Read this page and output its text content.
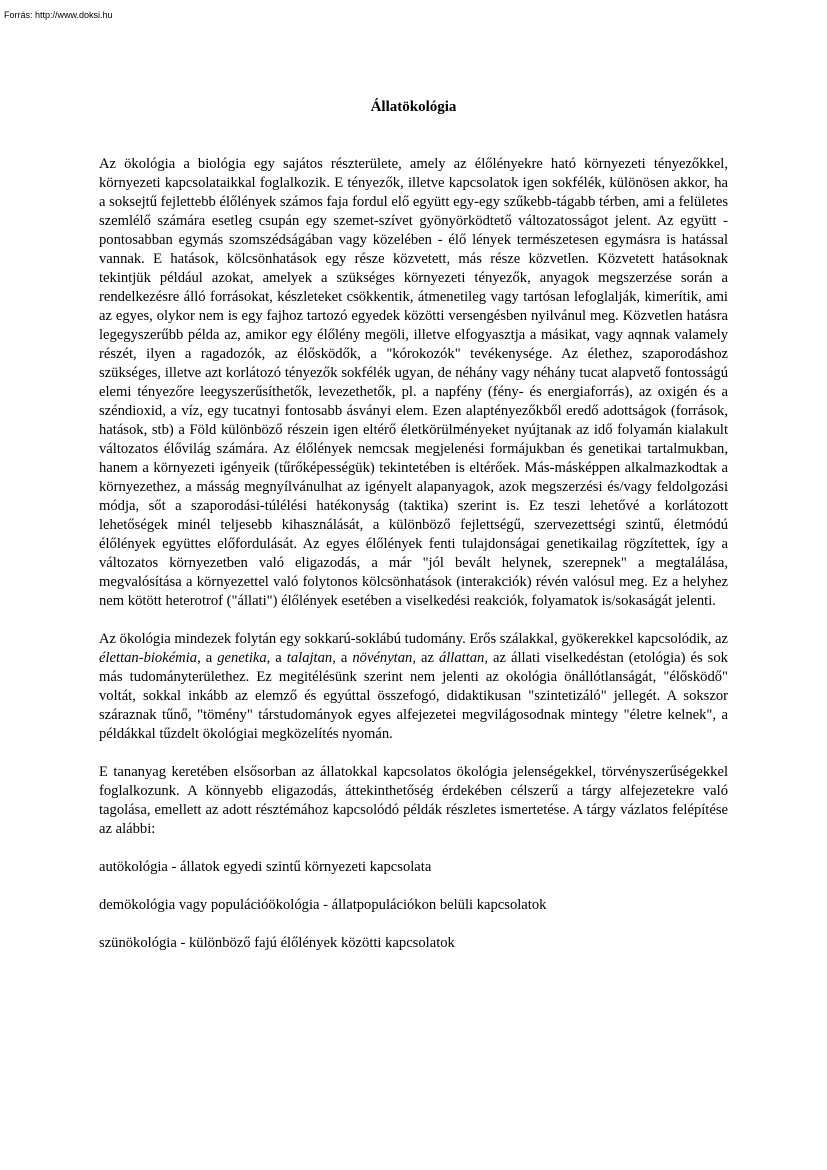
Forrás: http://www.doksi.hu
Állatökológia

Az ökológia a biológia egy sajátos részterülete, amely az élőlényekre ható környezeti tényezőkkel, környezeti kapcsolataikkal foglalkozik. E tényezők, illetve kapcsolatok igen sokfélék, különösen akkor, ha a soksejtű fejlettebb élőlények számos faja fordul elő együtt egy-egy szűkebb-tágabb térben, ami a felületes szemlélő számára esetleg csupán egy szemet-szívet gyönyörködtető változatosságot jelent. Az együtt - pontosabban egymás szomszédságában vagy közelében - élő lények természetesen egymásra is hatással vannak. E hatások, kölcsönhatások egy része közvetett, más része közvetlen. Közvetett hatásoknak tekintjük például azokat, amelyek a szükséges környezeti tényezők, anyagok megszerzése során a rendelkezésre álló forrásokat, készleteket csökkentik, átmenetileg vagy tartósan lefoglalják, kimerítik, ami az egyes, olykor nem is egy fajhoz tartozó egyedek közötti versengésben nyilvánul meg. Közvetlen hatásra legegyszerűbb példa az, amikor egy élőlény megöli, illetve elfogyasztja a másikat, vagy aqnnak valamely részét, ilyen a ragadozók, az élősködők, a "kórokozók" tevékenysége. Az élethez, szaporodáshoz szükséges, illetve azt korlátozó tényezők sokfélék ugyan, de néhány vagy néhány tucat alapvető fontosságú elemi tényezőre leegyszerűsíthetők, levezethetők, pl. a napfény (fény- és energiaforrás), az oxigén és a széndioxid, a víz, egy tucatnyi fontosabb ásványi elem. Ezen alaptényezőkből eredő adottságok (források, hatások, stb) a Föld különböző részein igen eltérő életkörülményeket nyújtanak az idő folyamán kialakult változatos élővilág számára. Az élőlények nemcsak megjelenési formájukban és genetikai tartalmukban, hanem a környezeti igényeik (tűrőképességük) tekintetében is eltérőek. Más-másképpen alkalmazkodtak a környezethez, a másság megnyílvánulhat az igényelt alapanyagok, azok megszerzési és/vagy feldolgozási módja, sőt a szaporodási-túlélési hatékonyság (taktika) szerint is. Ez teszi lehetővé a korlátozott lehetőségek minél teljesebb kihasználását, a különböző fejlettségű, szervezettségi szintű, életmódú élőlények együttes előfordulását. Az egyes élőlények fenti tulajdonságai genetikailag rögzítettek, így a változatos környezetben való eligazodás, a már "jól bevált helynek, szerepnek" a megtalálása, megvalósítása a környezettel való folytonos kölcsönhatások (interakciók) révén valósul meg. Ez a helyhez nem kötött heterotrof ("állati") élőlények esetében a viselkedési reakciók, folyamatok is/sokaságát jelenti.

Az ökológia mindezek folytán egy sokkarú-soklábú tudomány. Erős szálakkal, gyökerekkel kapcsolódik, az élettan-biokémia, a genetika, a talajtan, a növénytan, az állattan, az állati viselkedéstan (etológia) és sok más tudományterülethez. Ez megitélésünk szerint nem jelenti az okológia önállótlanságát, "élősködő" voltát, sokkal inkább az elemző és egyúttal összefogó, didaktikusan "szintetizáló" jellegét. A sokszor száraznak tűnő, "tömény" társtudományok egyes alfejezetei megvilágosodnak mintegy "életre kelnek", a példákkal tűzdelt ökológiai megközelítés nyomán.

E tananyag keretében elsősorban az állatokkal kapcsolatos ökológia jelenségekkel, törvényszerűségekkel foglalkozunk. A könnyebb eligazodás, áttekinthetőség érdekében célszerű a tárgy alfejezetekre való tagolása, emellett az adott résztémához kapcsolódó példák részletes ismertetése. A tárgy vázlatos felépítése az alábbi:

autökológia - állatok egyedi szintű környezeti kapcsolata

demökológia vagy populációökológia - állatpopulációkon belüli kapcsolatok

szünökológia - különböző fajú élőlények közötti kapcsolatok
